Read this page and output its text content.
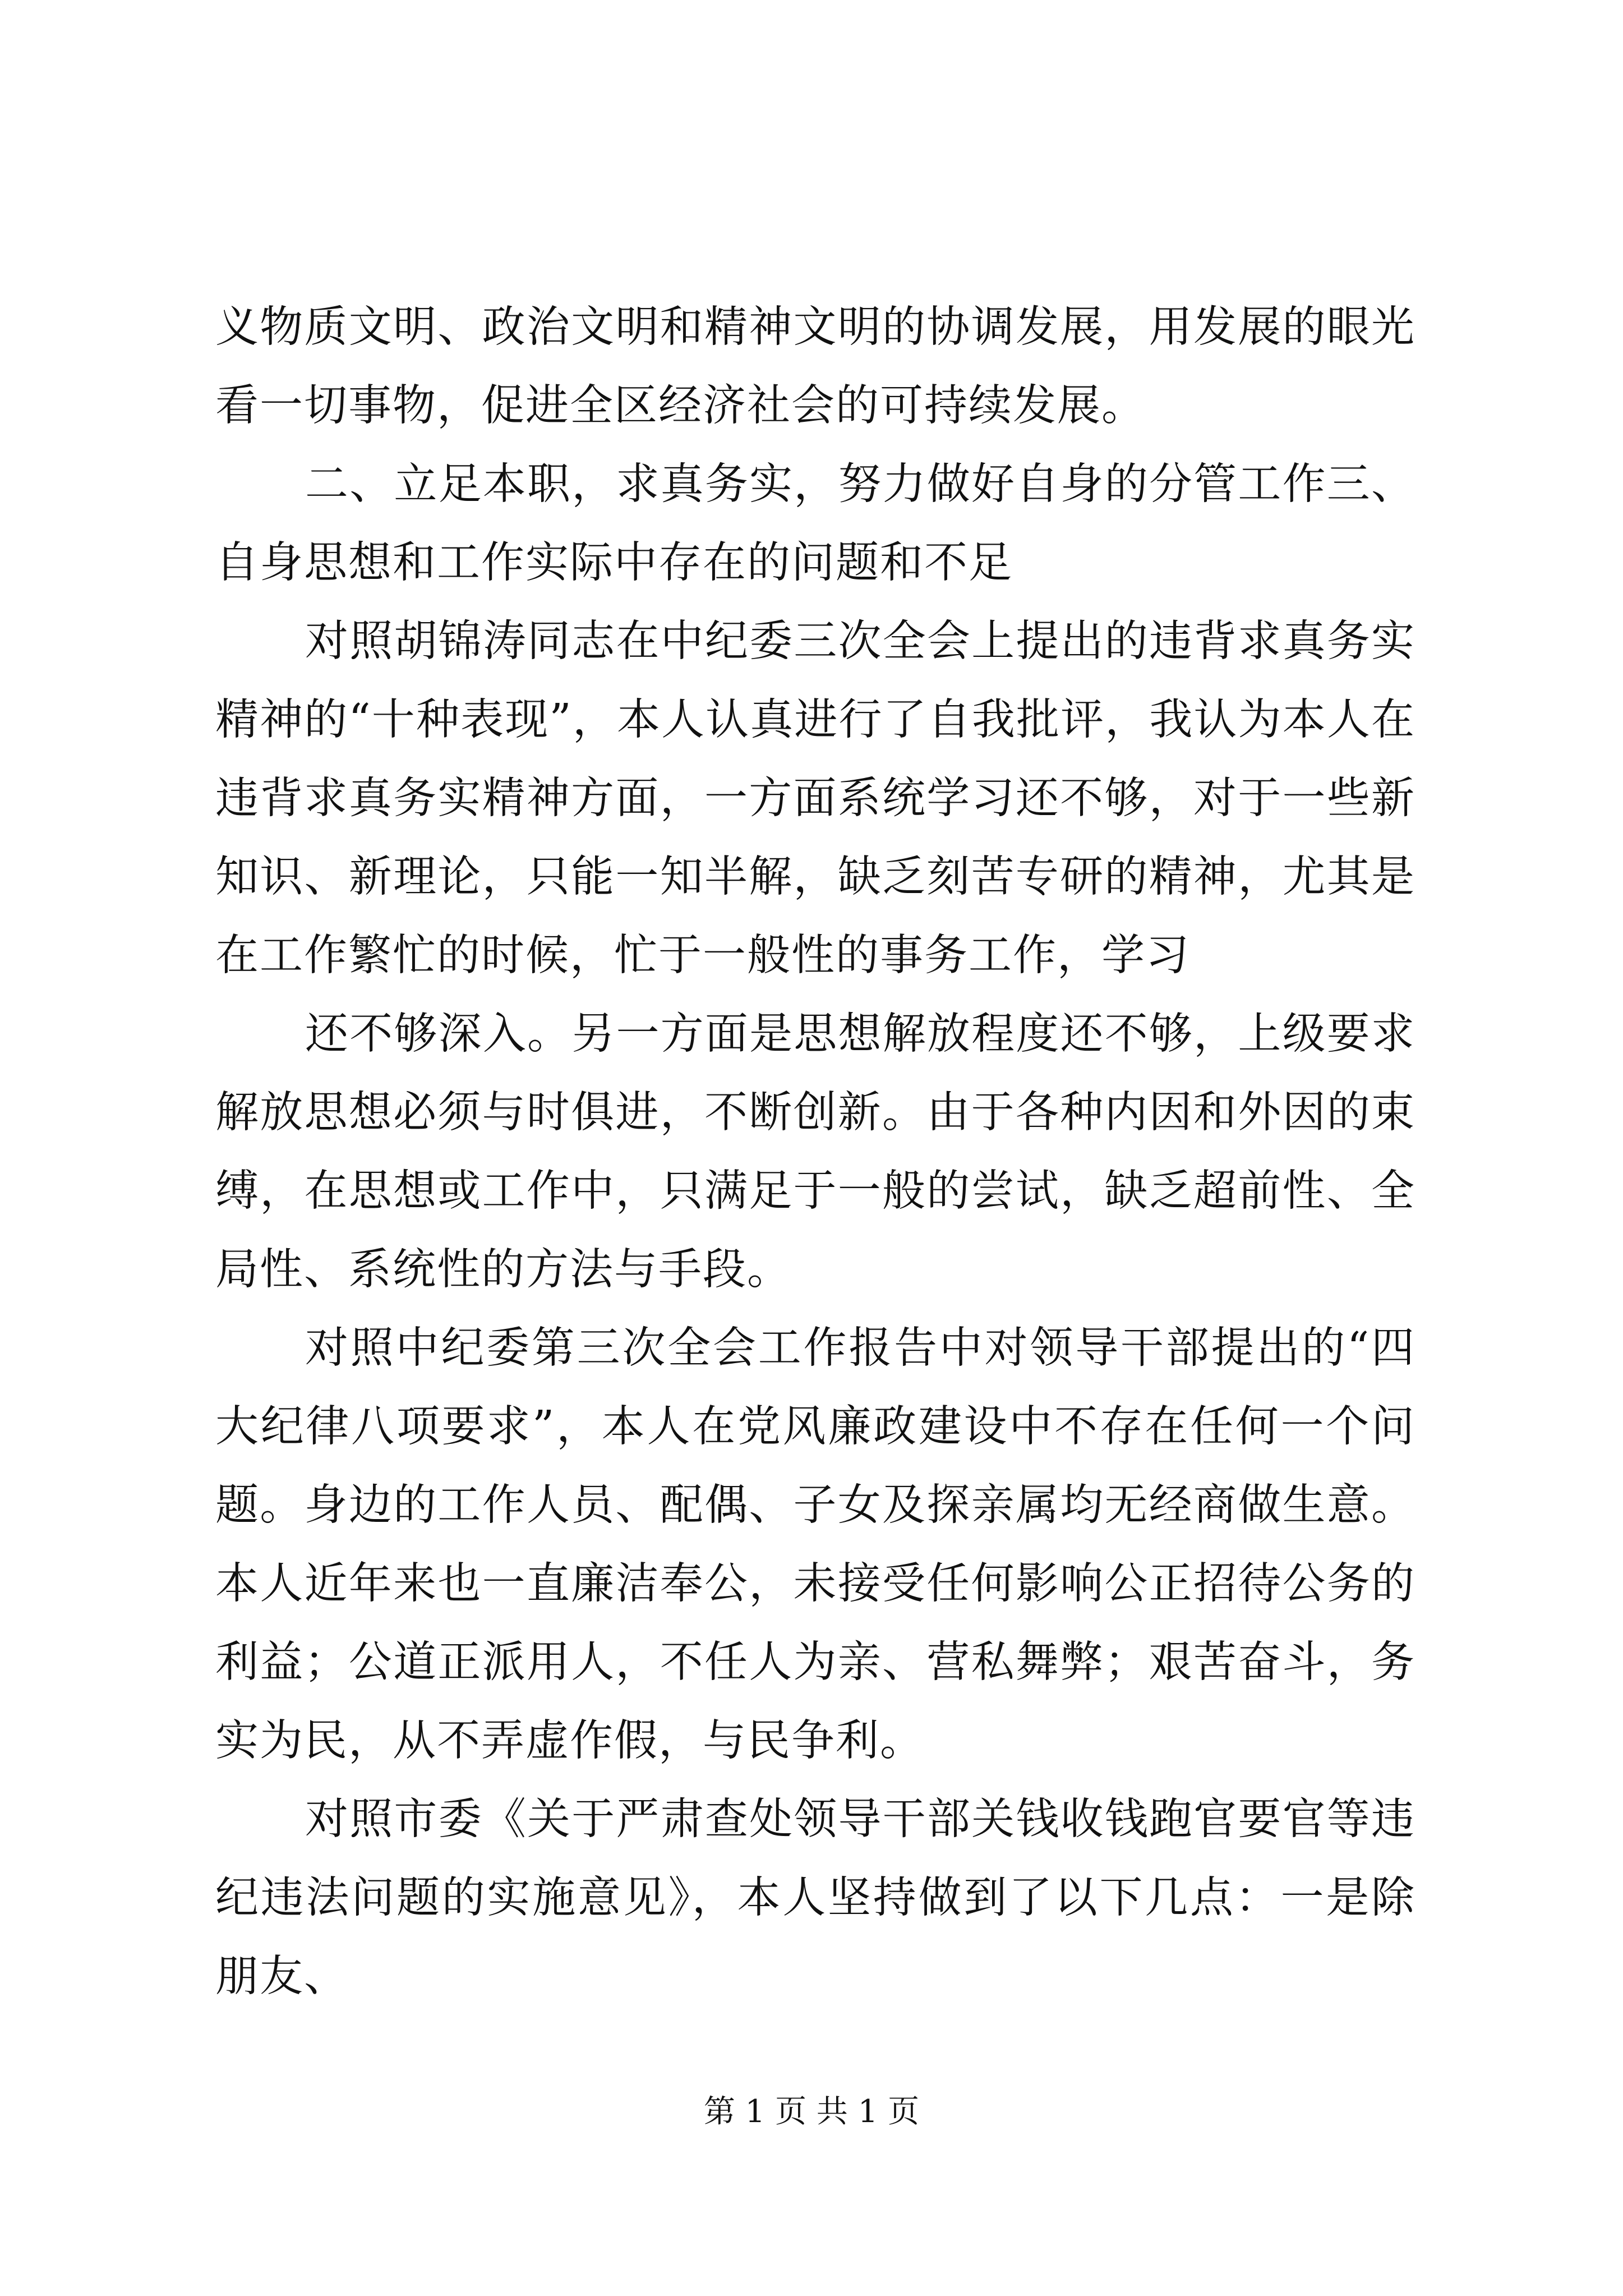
义物质文明、政治文明和精神文明的协调发展，用发展的眼光看一切事物，促进全区经济社会的可持续发展。

二、立足本职，求真务实，努力做好自身的分管工作三、自身思想和工作实际中存在的问题和不足

对照胡锦涛同志在中纪委三次全会上提出的违背求真务实精神的“十种表现”，本人认真进行了自我批评，我认为本人在违背求真务实精神方面，一方面系统学习还不够，对于一些新知识、新理论，只能一知半解，缺乏刻苦专研的精神，尤其是在工作繁忙的时候，忙于一般性的事务工作，学习

还不够深入。另一方面是思想解放程度还不够，上级要求解放思想必须与时俱进，不断创新。由于各种内因和外因的束缚，在思想或工作中，只满足于一般的尝试，缺乏超前性、全局性、系统性的方法与手段。

对照中纪委第三次全会工作报告中对领导干部提出的“四大纪律八项要求”，本人在党风廉政建设中不存在任何一个问题。身边的工作人员、配偶、子女及探亲属均无经商做生意。本人近年来也一直廉洁奉公，未接受任何影响公正招待公务的利益；公道正派用人，不任人为亲、营私舞弊；艰苦奋斗，务实为民，从不弄虚作假，与民争利。

对照市委《关于严肃查处领导干部关钱收钱跑官要官等违纪违法问题的实施意见》，本人坚持做到了以下几点：一是除朋友、

第 1 页 共 1 页
